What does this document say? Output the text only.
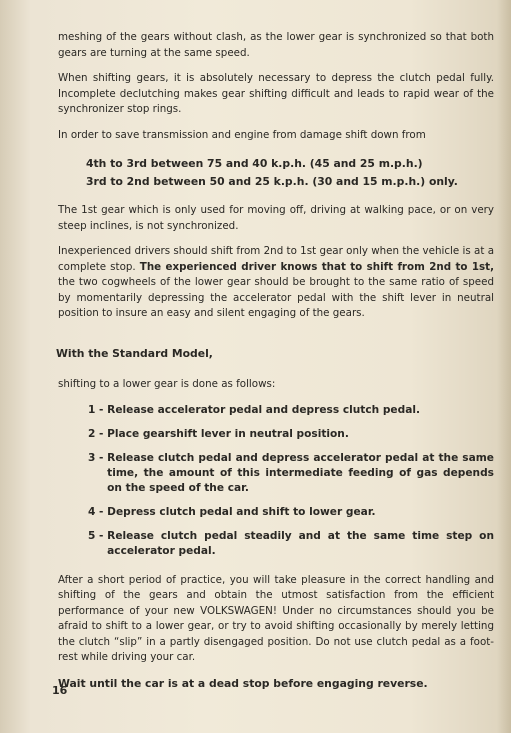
meshing of the gears without clash, as the lower gear is synchronized so that both gears are turning at the same speed.

When shifting gears, it is absolutely necessary to depress the clutch pedal fully. Incomplete declutching makes gear shifting difficult and leads to rapid wear of the synchronizer stop rings.

In order to save transmission and engine from damage shift down from

4th to 3rd between 75 and 40 k.p.h. (45 and 25 m.p.h.)
3rd to 2nd between 50 and 25 k.p.h. (30 and 15 m.p.h.) only.

The 1st gear which is only used for moving off, driving at walking pace, or on very steep inclines, is not synchronized.

Inexperienced drivers should shift from 2nd to 1st gear only when the vehicle is at a complete stop. The experienced driver knows that to shift from 2nd to 1st, the two cogwheels of the lower gear should be brought to the same ratio of speed by momentarily depressing the accelerator pedal with the shift lever in neutral position to insure an easy and silent engaging of the gears.

With the Standard Model,

shifting to a lower gear is done as follows:

1 - Release accelerator pedal and depress clutch pedal.
2 - Place gearshift lever in neutral position.
3 - Release clutch pedal and depress accelerator pedal at the same time, the amount of this intermediate feeding of gas depends on the speed of the car.
4 - Depress clutch pedal and shift to lower gear.
5 - Release clutch pedal steadily and at the same time step on accelerator pedal.

After a short period of practice, you will take pleasure in the correct handling and shifting of the gears and obtain the utmost satisfaction from the efficient performance of your new VOLKSWAGEN! Under no circumstances should you be afraid to shift to a lower gear, or try to avoid shifting occasionally by merely letting the clutch “slip” in a partly disengaged position. Do not use clutch pedal as a foot-rest while driving your car.

Wait until the car is at a dead stop before engaging reverse.
16
